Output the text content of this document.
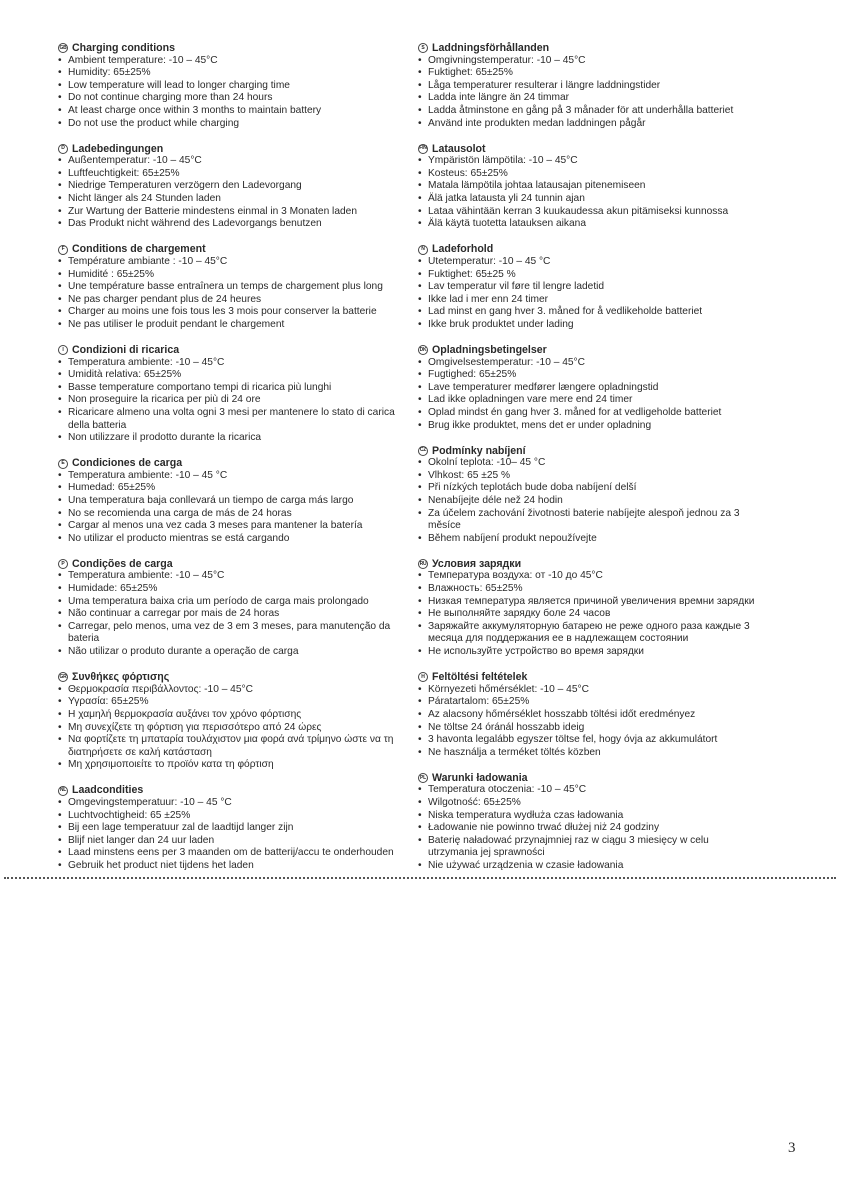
GB Charging conditions
• Ambient temperature: -10 – 45°C
• Humidity: 65±25%
• Low temperature will lead to longer charging time
• Do not continue charging more than 24 hours
• At least charge once within 3 months to maintain battery
• Do not use the product while charging
D Ladebedingungen
• Außentemperatur: -10 – 45°C
• Luftfeuchtigkeit: 65±25%
• Niedrige Temperaturen verzögern den Ladevorgang
• Nicht länger als 24 Stunden laden
• Zur Wartung der Batterie mindestens einmal in 3 Monaten laden
• Das Produkt nicht während des Ladevorgangs benutzen
F Conditions de chargement
• Température ambiante : -10 – 45°C
• Humidité : 65±25%
• Une température basse entraînera un temps de chargement plus long
• Ne pas charger pendant plus de 24 heures
• Charger au moins une fois tous les 3 mois pour conserver la batterie
• Ne pas utiliser le produit pendant le chargement
I Condizioni di ricarica
• Temperatura ambiente: -10 – 45°C
• Umidità relativa: 65±25%
• Basse temperature comportano tempi di ricarica più lunghi
• Non proseguire la ricarica per più di 24 ore
• Ricaricare almeno una volta ogni 3 mesi per mantenere lo stato di carica della batteria
• Non utilizzare il prodotto durante la ricarica
E Condiciones de carga
• Temperatura ambiente: -10 – 45 °C
• Humedad: 65±25%
• Una temperatura baja conllevará un tiempo de carga más largo
• No se recomienda una carga de más de 24 horas
• Cargar al menos una vez cada 3 meses para mantener la batería
• No utilizar el producto mientras se está cargando
P Condições de carga
• Temperatura ambiente: -10 – 45°C
• Humidade: 65±25%
• Uma temperatura baixa cria um período de carga mais prolongado
• Não continuar a carregar por mais de 24 horas
• Carregar, pelo menos, uma vez de 3 em 3 meses, para manutenção da bateria
• Não utilizar o produto durante a operação de carga
GR Συνθήκες φόρτισης
• Θερμοκρασία περιβάλλοντος: -10 – 45°C
• Υγρασία: 65±25%
• Η χαμηλή θερμοκρασία αυξάνει τον χρόνο φόρτισης
• Μη συνεχίζετε τη φόρτιση για περισσότερο από 24 ώρες
• Να φορτίζετε τη μπαταρία τουλάχιστον μια φορά ανά τρίμηνο ώστε να τη διατηρήσετε σε καλή κατάσταση
• Μη χρησιμοποιείτε το προϊόν κατα τη φόρτιση
NL Laadcondities
• Omgevingstemperatuur: -10 – 45 °C
• Luchtvochtigheid: 65 ±25%
• Bij een lage temperatuur zal de laadtijd langer zijn
• Blijf niet langer dan 24 uur laden
• Laad minstens eens per 3 maanden om de batterij/accu te onderhouden
• Gebruik het product niet tijdens het laden
S Laddningsförhållanden
• Omgivningstemperatur: -10 – 45°C
• Fuktighet: 65±25%
• Låga temperaturer resulterar i längre laddningstider
• Ladda inte längre än 24 timmar
• Ladda åtminstone en gång på 3 månader för att underhålla batteriet
• Använd inte produkten medan laddningen pågår
FIN Latausolot
• Ympäristön lämpötila: -10 – 45°C
• Kosteus: 65±25%
• Matala lämpötila johtaa latausajan pitenemiseen
• Älä jatka latausta yli 24 tunnin ajan
• Lataa vähintään kerran 3 kuukaudessa akun pitämiseksi kunnossa
• Älä käytä tuotetta latauksen aikana
N Ladeforhold
• Utetemperatur: -10 – 45 °C
• Fuktighet: 65±25 %
• Lav temperatur vil føre til lengre ladetid
• Ikke lad i mer enn 24 timer
• Lad minst en gang hver 3. måned for å vedlikeholde batteriet
• Ikke bruk produktet under lading
DK Opladningsbetingelser
• Omgivelsestemperatur: -10 – 45°C
• Fugtighed: 65±25%
• Lave temperaturer medfører længere opladningstid
• Lad ikke opladningen vare mere end 24 timer
• Oplad mindst én gang hver 3. måned for at vedligeholde batteriet
• Brug ikke produktet, mens det er under opladning
CZ Podmínky nabíjení
• Okolní teplota: -10– 45 °C
• Vlhkost: 65 ±25 %
• Při nízkých teplotách bude doba nabíjení delší
• Nenabíjejte déle než 24 hodin
• Za účelem zachování životnosti baterie nabíjejte alespoň jednou za 3 měsíce
• Během nabíjení produkt nepoužívejte
RU Условия зарядки
• Температура воздуха: от -10 до 45°C
• Влажность: 65±25%
• Низкая температура является причиной увеличения времни зарядки
• Не выполняйте зарядку боле 24 часов
• Заряжайте аккумуляторную батарею не реже одного раза каждые 3 месяца для поддержания ее в надлежащем состоянии
• Не используйте устройство во время зарядки
H Feltöltési feltételek
• Környezeti hőmérséklet: -10 – 45°C
• Páratartalom: 65±25%
• Az alacsony hőmérséklet hosszabb töltési időt eredményez
• Ne töltse 24 óránál hosszabb ideig
• 3 havonta legalább egyszer töltse fel, hogy óvja az akkumulátort
• Ne használja a terméket töltés közben
PL Warunki ładowania
• Temperatura otoczenia: -10 – 45°C
• Wilgotność: 65±25%
• Niska temperatura wydłuża czas ładowania
• Ładowanie nie powinno trwać dłużej niż 24 godziny
• Baterię naładować przynajmniej raz w ciągu 3 miesięcy w celu utrzymania jej sprawności
• Nie używać urządzenia w czasie ładowania
3
